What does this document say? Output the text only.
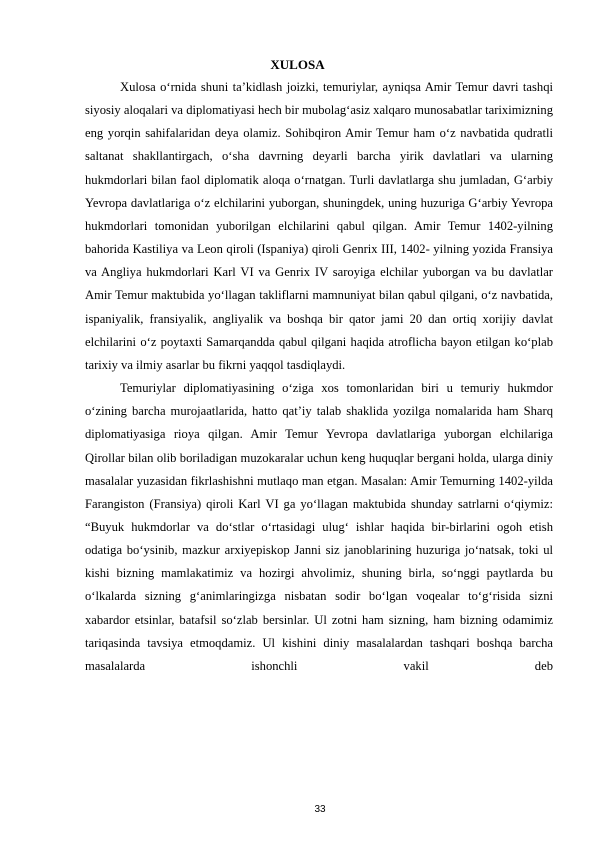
XULOSA

Xulosa o‘rnida shuni ta’kidlash joizki, temuriylar, ayniqsa Amir Temur davri tashqi siyosiy aloqalari va diplomatiyasi hech bir mubolag‘asiz xalqaro munosabatlar tariximizning eng yorqin sahifalaridan deya olamiz. Sohibqiron Amir Temur ham o‘z navbatida qudratli saltanat shakllantirgach, o‘sha davrning deyarli barcha yirik davlatlari va ularning hukmdorlari bilan faol diplomatik aloqa o‘rnatgan. Turli davlatlarga shu jumladan, G‘arbiy Yevropa davlatlariga o‘z elchilarini yuborgan, shuningdek, uning huzuriga G‘arbiy Yevropa hukmdorlari tomonidan yuborilgan elchilarini qabul qilgan. Amir Temur 1402-yilning bahorida Kastiliya va Leon qiroli (Ispaniya) qiroli Genrix III, 1402- yilning yozida Fransiya va Angliya hukmdorlari Karl VI va Genrix IV saroyiga elchilar yuborgan va bu davlatlar Amir Temur maktubida yo‘llagan takliflarni mamnuniyat bilan qabul qilgani, o‘z navbatida, ispaniyalik, fransiyalik, angliyalik va boshqa bir qator jami 20 dan ortiq xorijiy davlat elchilarini o‘z poytaxti Samarqandda qabul qilgani haqida atroflicha bayon etilgan ko‘plab tarixiy va ilmiy asarlar bu fikrni yaqqol tasdiqlaydi.

Temuriylar diplomatiyasining o‘ziga xos tomonlaridan biri u temuriy hukmdor o‘zining barcha murojaatlarida, hatto qat’iy talab shaklida yozilga nomalarida ham Sharq diplomatiyasiga rioya qilgan. Amir Temur Yevropa davlatlariga yuborgan elchilariga Qirollar bilan olib boriladigan muzokaralar uchun keng huquqlar bergani holda, ularga diniy masalalar yuzasidan fikrlashishni mutlaqo man etgan. Masalan: Amir Temurning 1402-yilda Farangiston (Fransiya) qiroli Karl VI ga yo‘llagan maktubida shunday satrlarni o‘qiymiz: “Buyuk hukmdorlar va do‘stlar o‘rtasidagi ulug‘ ishlar haqida bir-birlarini ogoh etish odatiga bo‘ysinib, mazkur arxiyepiskop Janni siz janoblarining huzuriga jo‘natsak, toki ul kishi bizning mamlakatimiz va hozirgi ahvolimiz, shuning birla, so‘nggi paytlarda bu o‘lkalarda sizning g‘animlaringizga nisbatan sodir bo‘lgan voqealar to‘g‘risida sizni xabardor etsinlar, batafsil so‘zlab bersinlar. Ul zotni ham sizning, ham bizning odamimiz tariqasinda tavsiya etmoqdamiz. Ul kishini diniy masalalardan tashqari boshqa barcha masalalarda ishonchli vakil deb

33
